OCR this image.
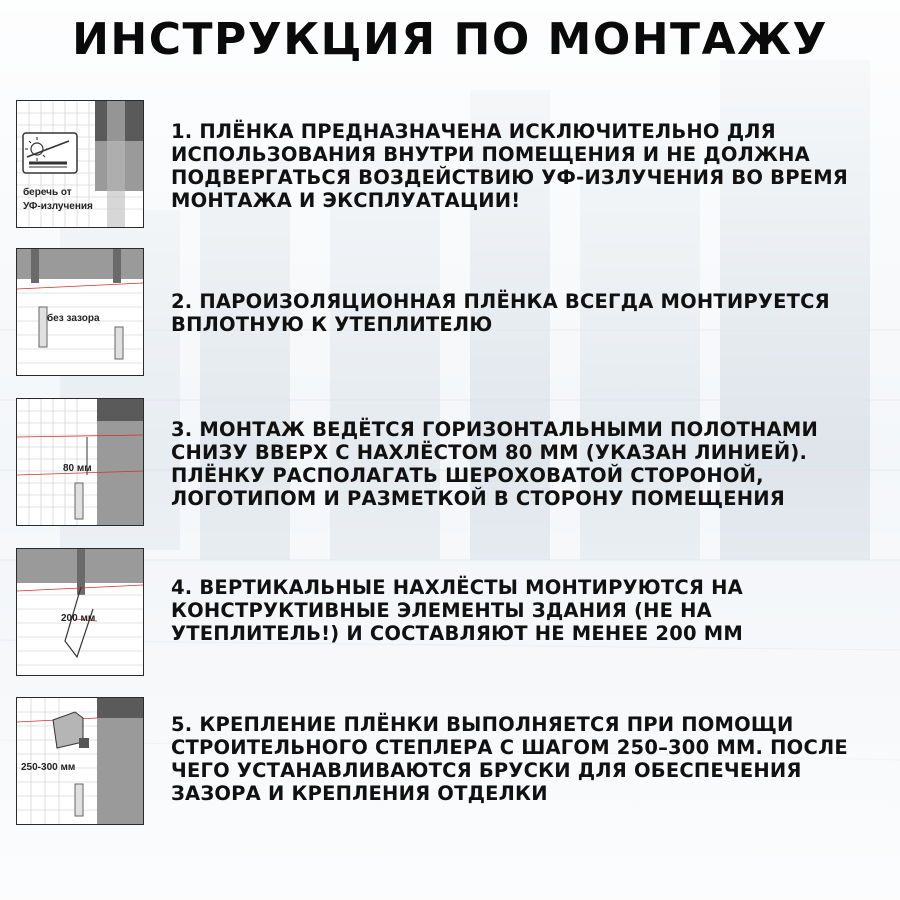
ИНСТРУКЦИЯ ПО МОНТАЖУ
беречь от
УФ-излучения
1. ПЛЁНКА ПРЕДНАЗНАЧЕНА ИСКЛЮЧИТЕЛЬНО ДЛЯ ИСПОЛЬЗОВАНИЯ ВНУТРИ ПОМЕЩЕНИЯ И НЕ ДОЛЖНА ПОДВЕРГАТЬСЯ ВОЗДЕЙСТВИЮ УФ-ИЗЛУЧЕНИЯ ВО ВРЕМЯ МОНТАЖА И ЭКСПЛУАТАЦИИ!
без зазора
2. ПАРОИЗОЛЯЦИОННАЯ ПЛЁНКА ВСЕГДА МОНТИРУЕТСЯ ВПЛОТНУЮ К УТЕПЛИТЕЛЮ
80 мм
3. МОНТАЖ ВЕДЁТСЯ ГОРИЗОНТАЛЬНЫМИ ПОЛОТНАМИ СНИЗУ ВВЕРХ С НАХЛЁСТОМ 80 ММ (УКАЗАН ЛИНИЕЙ). ПЛЁНКУ РАСПОЛАГАТЬ ШЕРОХОВАТОЙ СТОРОНОЙ, ЛОГОТИПОМ И РАЗМЕТКОЙ В СТОРОНУ ПОМЕЩЕНИЯ
200 мм
4. ВЕРТИКАЛЬНЫЕ НАХЛЁСТЫ МОНТИРУЮТСЯ НА КОНСТРУКТИВНЫЕ ЭЛЕМЕНТЫ ЗДАНИЯ (НЕ НА УТЕПЛИТЕЛЬ!) И СОСТАВЛЯЮТ НЕ МЕНЕЕ 200 ММ
250-300 мм
5. КРЕПЛЕНИЕ ПЛЁНКИ ВЫПОЛНЯЕТСЯ ПРИ ПОМОЩИ СТРОИТЕЛЬНОГО СТЕПЛЕРА С ШАГОМ 250–300 ММ. ПОСЛЕ ЧЕГО УСТАНАВЛИВАЮТСЯ БРУСКИ ДЛЯ ОБЕСПЕЧЕНИЯ ЗАЗОРА И КРЕПЛЕНИЯ ОТДЕЛКИ
